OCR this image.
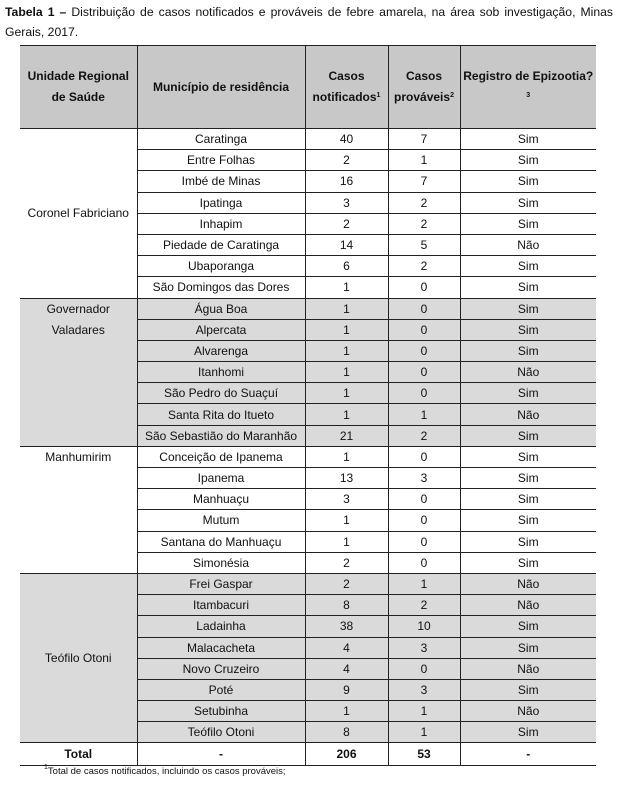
Tabela 1 – Distribuição de casos notificados e prováveis de febre amarela, na área sob investigação, Minas Gerais, 2017.
Unidade Regional de Saúde	Município de residência	Casos notificados$^1$	Casos prováveis$^2$	Registro de Epizootia?$^3$
Coronel Fabriciano	Caratinga	40	7	Sim
	Entre Folhas	2	1	Sim
	Imbé de Minas	16	7	Sim
	Ipatinga	3	2	Sim
	Inhapim	2	2	Sim
	Piedade de Caratinga	14	5	Não
	Ubaporanga	6	2	Sim
	São Domingos das Dores	1	0	Sim
Governador Valadares	Água Boa	1	0	Sim
	Alpercata	1	0	Sim
	Alvarenga	1	0	Sim
	Itanhomi	1	0	Não
	São Pedro do Suaçuí	1	0	Sim
	Santa Rita do Itueto	1	1	Não
	São Sebastião do Maranhão	21	2	Sim
Manhumirim	Conceição de Ipanema	1	0	Sim
	Ipanema	13	3	Sim
	Manhuaçu	3	0	Sim
	Mutum	1	0	Sim
	Santana do Manhuaçu	1	0	Sim
	Simonésia	2	0	Sim
Teófilo Otoni	Frei Gaspar	2	1	Não
	Itambacuri	8	2	Não
	Ladainha	38	10	Sim
	Malacacheta	4	3	Sim
	Novo Cruzeiro	4	0	Não
	Poté	9	3	Sim
	Setubinha	1	1	Não
	Teófilo Otoni	8	1	Sim
Total	-	206	53	-
$^1$Total de casos notificados, incluindo os casos prováveis;
